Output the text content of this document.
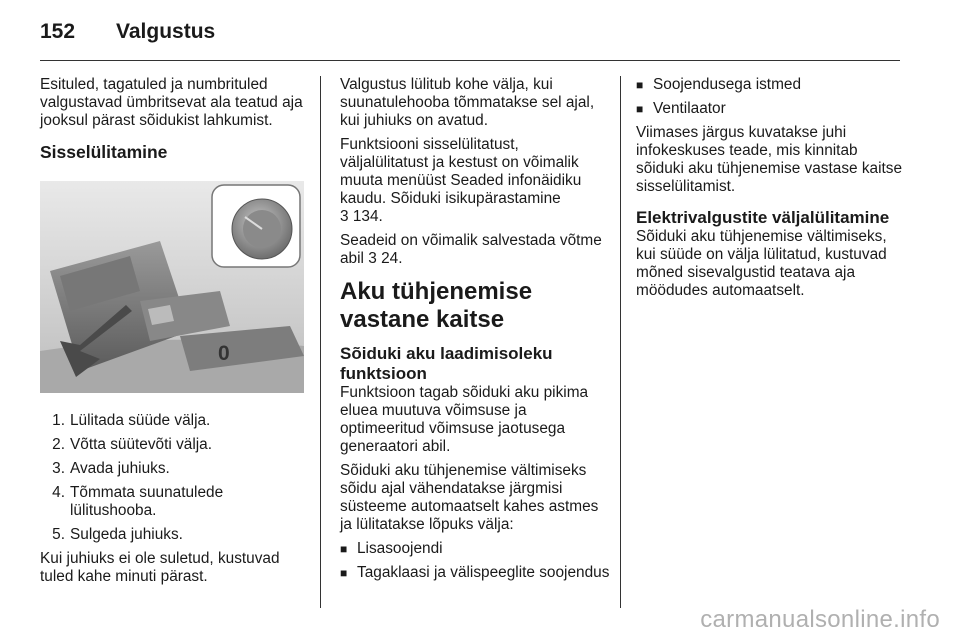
152 Valgustus

Esituled, tagatuled ja numbrituled valgustavad ümbritsevat ala teatud aja jooksul pärast sõidukist lahkumist.

Sisselülitamine
0
1. Lülitada süüde välja.
2. Võtta süütevõti välja.
3. Avada juhiuks.
4. Tõmmata suunatulede lülitushooba.
5. Sulgeda juhiuks.

Kui juhiuks ei ole suletud, kustuvad tuled kahe minuti pärast.

Valgustus lülitub kohe välja, kui suunatulehooba tõmmatakse sel ajal, kui juhiuks on avatud.

Funktsiooni sisselülitatust, väljalülitatust ja kestust on võimalik muuta menüüst Seaded infonäidiku kaudu. Sõiduki isikupärastamine
3 134.

Seadeid on võimalik salvestada võtme abil 3 24.

Aku tühjenemise vastane kaitse
Sõiduki aku laadimisoleku funktsioon

Funktsioon tagab sõiduki aku pikima eluea muutuva võimsuse ja optimeeritud võimsuse jaotusega generaatori abil.

Sõiduki aku tühjenemise vältimiseks sõidu ajal vähendatakse järgmisi süsteeme automaatselt kahes astmes ja lülitatakse lõpuks välja:

■ Lisasoojendi
■ Tagaklaasi ja välispeeglite soojendus
■ Soojendusega istmed
■ Ventilaator

Viimases järgus kuvatakse juhi infokeskuses teade, mis kinnitab sõiduki aku tühjenemise vastase kaitse sisselülitamist.

Elektrivalgustite väljalülitamine

Sõiduki aku tühjenemise vältimiseks, kui süüde on välja lülitatud, kustuvad mõned sisevalgustid teatava aja möödudes automaatselt.

carmanualsonline.info
